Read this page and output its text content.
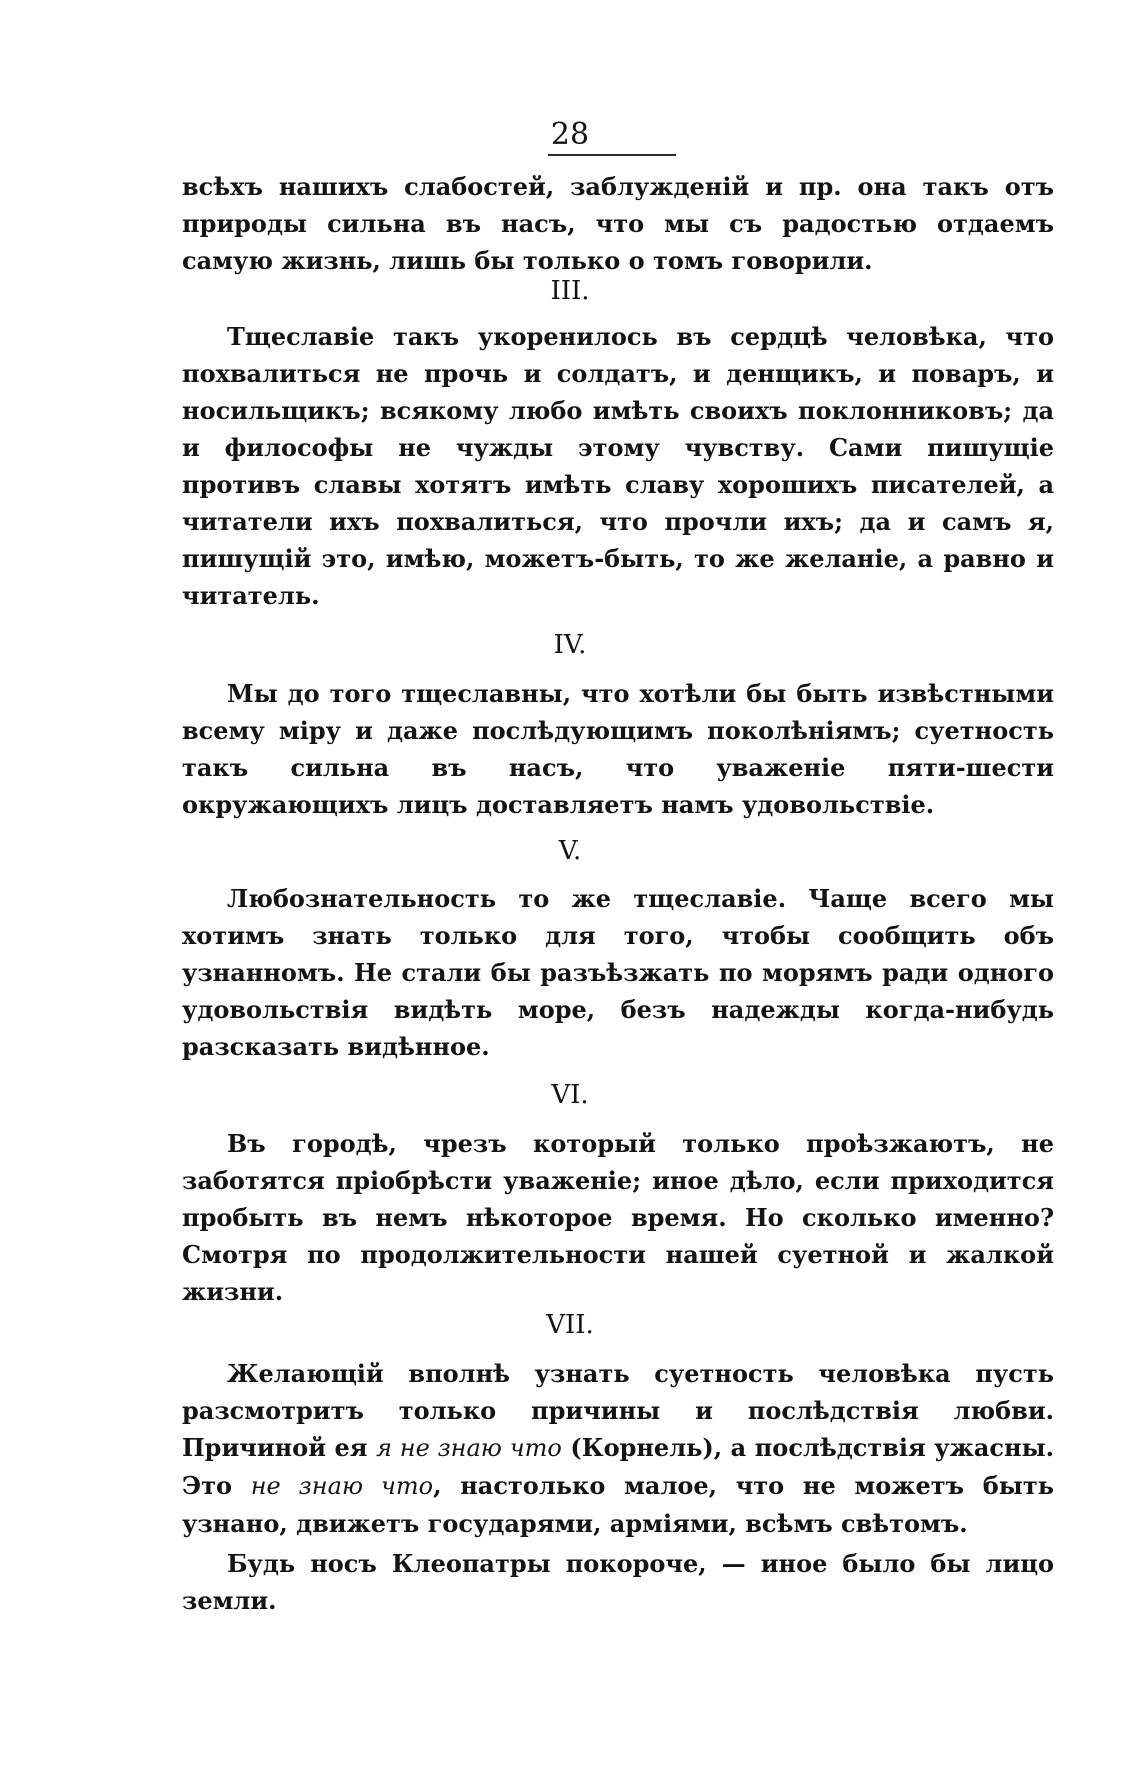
28

всѣхъ нашихъ слабостей, заблужденій и пр. она такъ отъ природы сильна въ насъ, что мы съ радостью отдаемъ самую жизнь, лишь бы только о томъ говорили.

III.

Тщеславіе такъ укоренилось въ сердцѣ человѣка, что похвалиться не прочь и солдатъ, и денщикъ, и поваръ, и носильщикъ; всякому любо имѣть своихъ поклонниковъ; да и философы не чужды этому чувству. Сами пишущіе противъ славы хотятъ имѣть славу хорошихъ писателей, а читатели ихъ похвалиться, что прочли ихъ; да и самъ я, пишущій это, имѣю, можетъ-быть, то же желаніе, а равно и читатель.

IV.

Мы до того тщеславны, что хотѣли бы быть извѣстными всему міру и даже послѣдующимъ поколѣніямъ; суетность такъ сильна въ насъ, что уваженіе пяти-шести окружающихъ лицъ доставляетъ намъ удовольствіе.

V.

Любознательность то же тщеславіе. Чаще всего мы хотимъ знать только для того, чтобы сообщить объ узнанномъ. Не стали бы разъѣзжать по морямъ ради одного удовольствія видѣть море, безъ надежды когда-нибудь разсказать видѣнное.

VI.

Въ городѣ, чрезъ который только проѣзжаютъ, не заботятся пріобрѣсти уваженіе; иное дѣло, если приходится пробыть въ немъ нѣкоторое время. Но сколько именно? Смотря по продолжительности нашей суетной и жалкой жизни.

VII.

Желающій вполнѣ узнать суетность человѣка пусть разсмотритъ только причины и послѣдствія любви. Причиной ея я не знаю что (Корнель), а послѣдствія ужасны. Это не знаю что, настолько малое, что не можетъ быть узнано, движетъ государями, арміями, всѣмъ свѣтомъ.

Будь носъ Клеопатры покороче, — иное было бы лицо земли.
